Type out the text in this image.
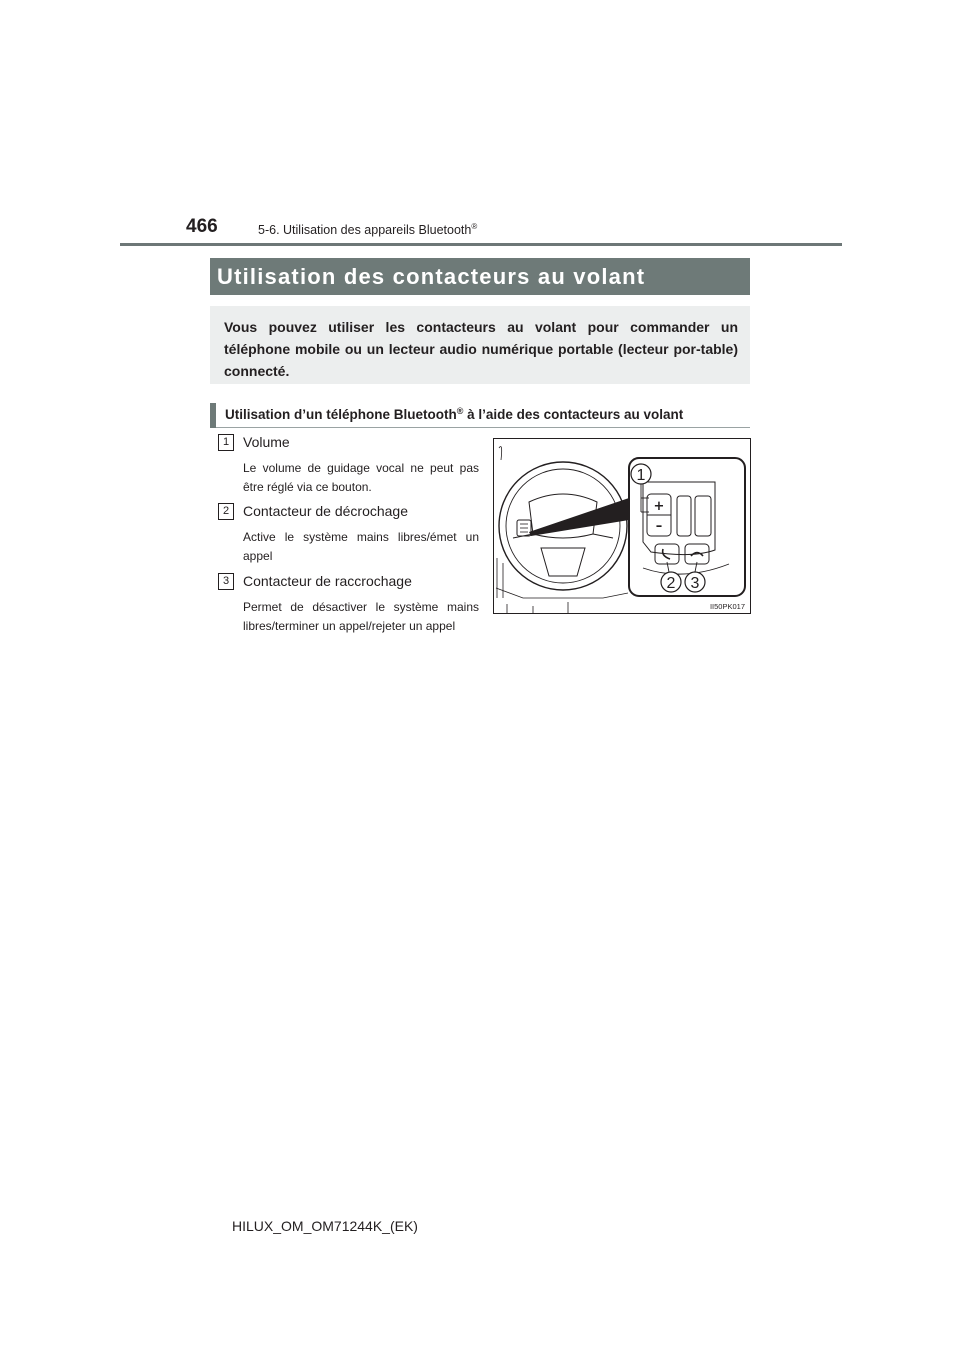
466	5-6. Utilisation des appareils Bluetooth®
Utilisation des contacteurs au volant
Vous pouvez utiliser les contacteurs au volant pour commander un téléphone mobile ou un lecteur audio numérique portable (lecteur por-table) connecté.
Utilisation d’un téléphone Bluetooth® à l’aide des contacteurs au volant
1 Volume
Le volume de guidage vocal ne peut pas être réglé via ce bouton.
2 Contacteur de décrochage
Active le système mains libres/émet un appel
3 Contacteur de raccrochage
Permet de désactiver le système mains libres/terminer un appel/rejeter un appel
+
–
1
2 3
II50PK017
HILUX_OM_OM71244K_(EK)
